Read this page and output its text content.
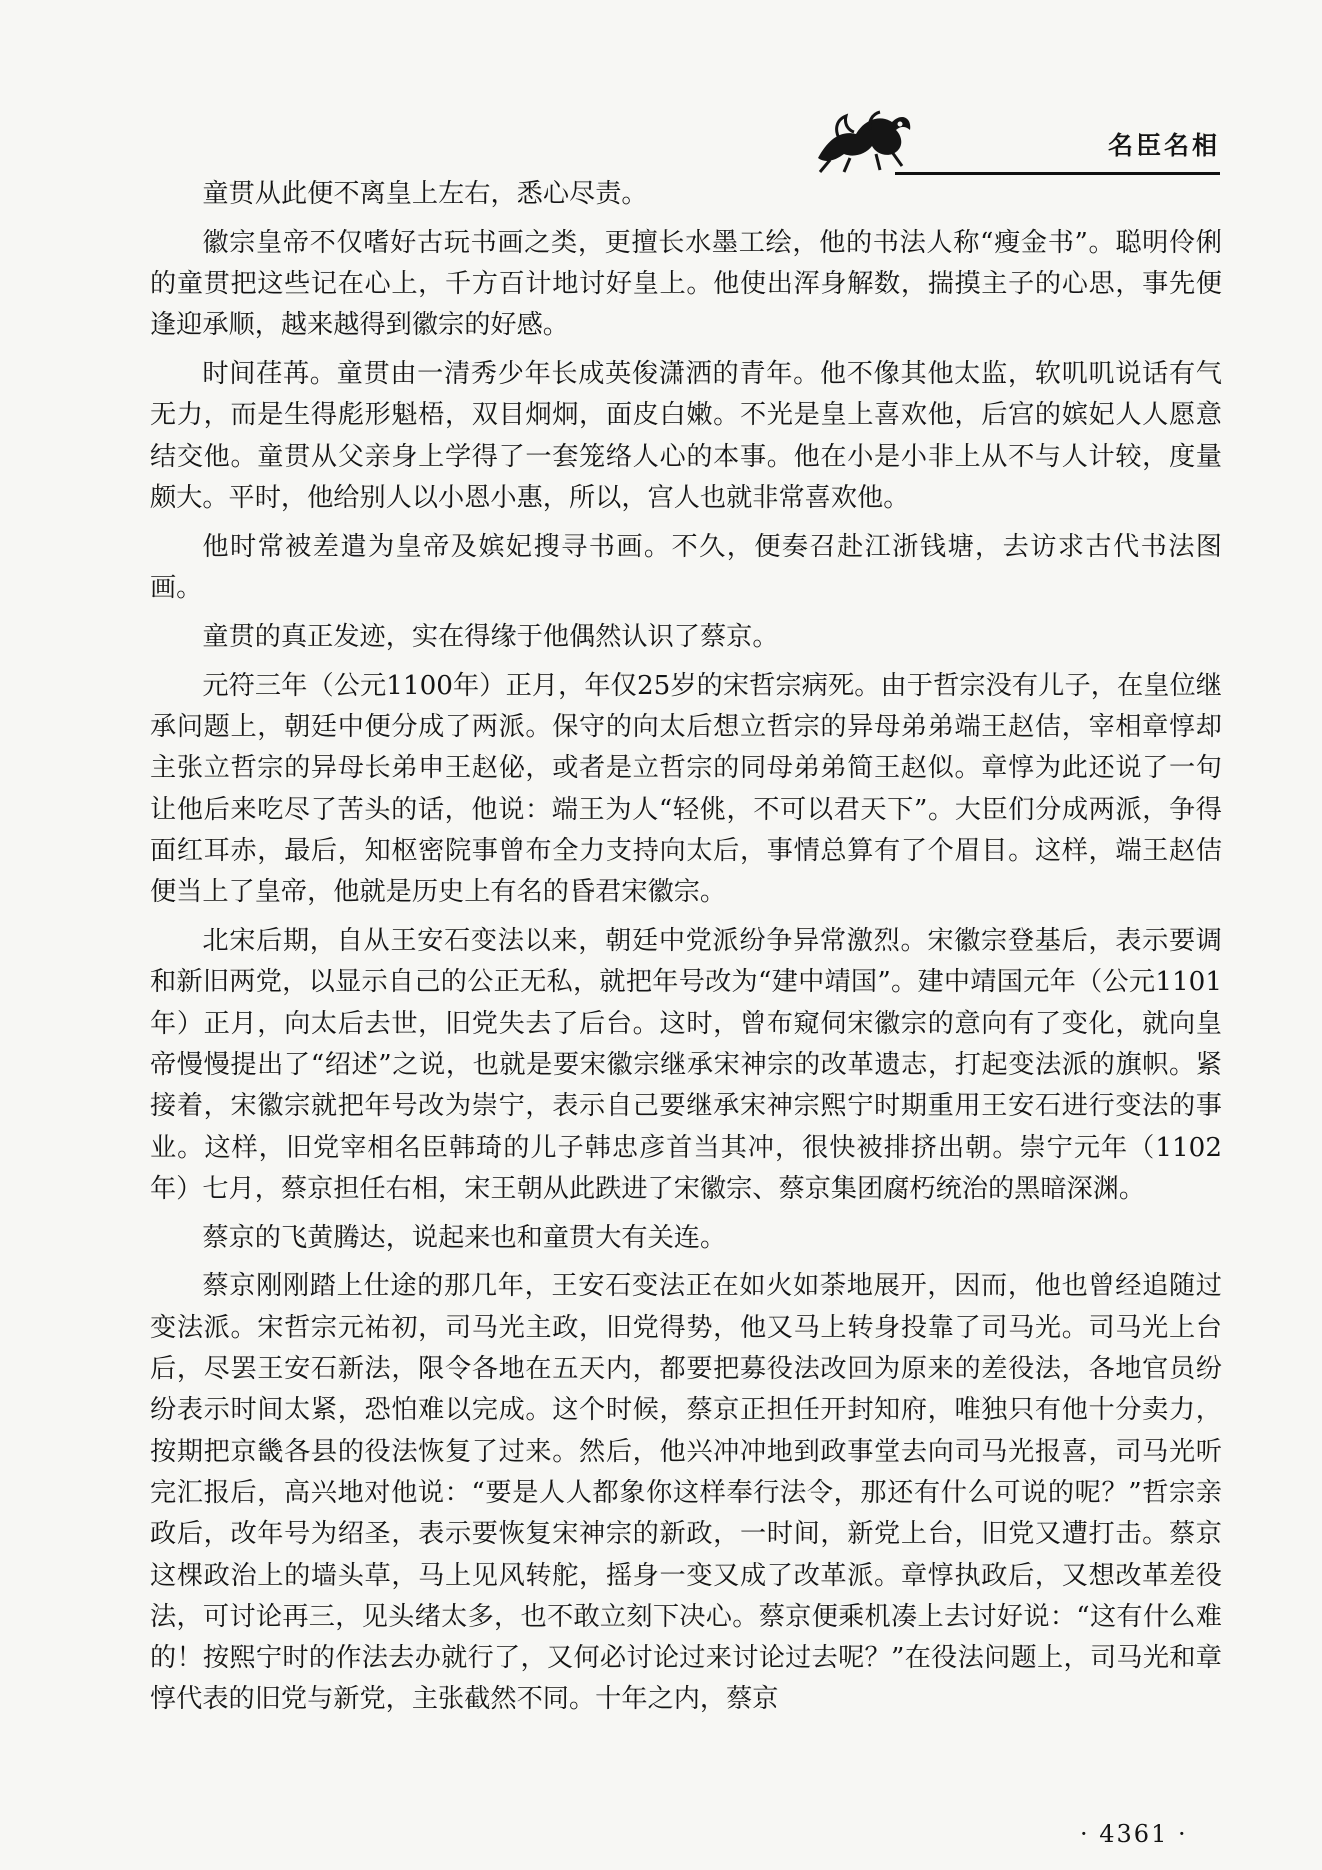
名臣名相

童贯从此便不离皇上左右，悉心尽责。

徽宗皇帝不仅嗜好古玩书画之类，更擅长水墨工绘，他的书法人称“瘦金书”。聪明伶俐的童贯把这些记在心上，千方百计地讨好皇上。他使出浑身解数，揣摸主子的心思，事先便逢迎承顺，越来越得到徽宗的好感。

时间荏苒。童贯由一清秀少年长成英俊潇洒的青年。他不像其他太监，软叽叽说话有气无力，而是生得彪形魁梧，双目炯炯，面皮白嫩。不光是皇上喜欢他，后宫的嫔妃人人愿意结交他。童贯从父亲身上学得了一套笼络人心的本事。他在小是小非上从不与人计较，度量颇大。平时，他给别人以小恩小惠，所以，宫人也就非常喜欢他。

他时常被差遣为皇帝及嫔妃搜寻书画。不久，便奏召赴江浙钱塘，去访求古代书法图画。

童贯的真正发迹，实在得缘于他偶然认识了蔡京。

元符三年（公元1100年）正月，年仅25岁的宋哲宗病死。由于哲宗没有儿子，在皇位继承问题上，朝廷中便分成了两派。保守的向太后想立哲宗的异母弟弟端王赵佶，宰相章惇却主张立哲宗的异母长弟申王赵佖，或者是立哲宗的同母弟弟简王赵似。章惇为此还说了一句让他后来吃尽了苦头的话，他说：端王为人“轻佻，不可以君天下”。大臣们分成两派，争得面红耳赤，最后，知枢密院事曾布全力支持向太后，事情总算有了个眉目。这样，端王赵佶便当上了皇帝，他就是历史上有名的昏君宋徽宗。

北宋后期，自从王安石变法以来，朝廷中党派纷争异常激烈。宋徽宗登基后，表示要调和新旧两党，以显示自己的公正无私，就把年号改为“建中靖国”。建中靖国元年（公元1101年）正月，向太后去世，旧党失去了后台。这时，曾布窥伺宋徽宗的意向有了变化，就向皇帝慢慢提出了“绍述”之说，也就是要宋徽宗继承宋神宗的改革遗志，打起变法派的旗帜。紧接着，宋徽宗就把年号改为崇宁，表示自己要继承宋神宗熙宁时期重用王安石进行变法的事业。这样，旧党宰相名臣韩琦的儿子韩忠彦首当其冲，很快被排挤出朝。崇宁元年（1102年）七月，蔡京担任右相，宋王朝从此跌进了宋徽宗、蔡京集团腐朽统治的黑暗深渊。

蔡京的飞黄腾达，说起来也和童贯大有关连。

蔡京刚刚踏上仕途的那几年，王安石变法正在如火如荼地展开，因而，他也曾经追随过变法派。宋哲宗元祐初，司马光主政，旧党得势，他又马上转身投靠了司马光。司马光上台后，尽罢王安石新法，限令各地在五天内，都要把募役法改回为原来的差役法，各地官员纷纷表示时间太紧，恐怕难以完成。这个时候，蔡京正担任开封知府，唯独只有他十分卖力，按期把京畿各县的役法恢复了过来。然后，他兴冲冲地到政事堂去向司马光报喜，司马光听完汇报后，高兴地对他说：“要是人人都象你这样奉行法令，那还有什么可说的呢？”哲宗亲政后，改年号为绍圣，表示要恢复宋神宗的新政，一时间，新党上台，旧党又遭打击。蔡京这棵政治上的墙头草，马上见风转舵，摇身一变又成了改革派。章惇执政后，又想改革差役法，可讨论再三，见头绪太多，也不敢立刻下决心。蔡京便乘机凑上去讨好说：“这有什么难的！按熙宁时的作法去办就行了，又何必讨论过来讨论过去呢？”在役法问题上，司马光和章惇代表的旧党与新党，主张截然不同。十年之内，蔡京

· 4361 ·
